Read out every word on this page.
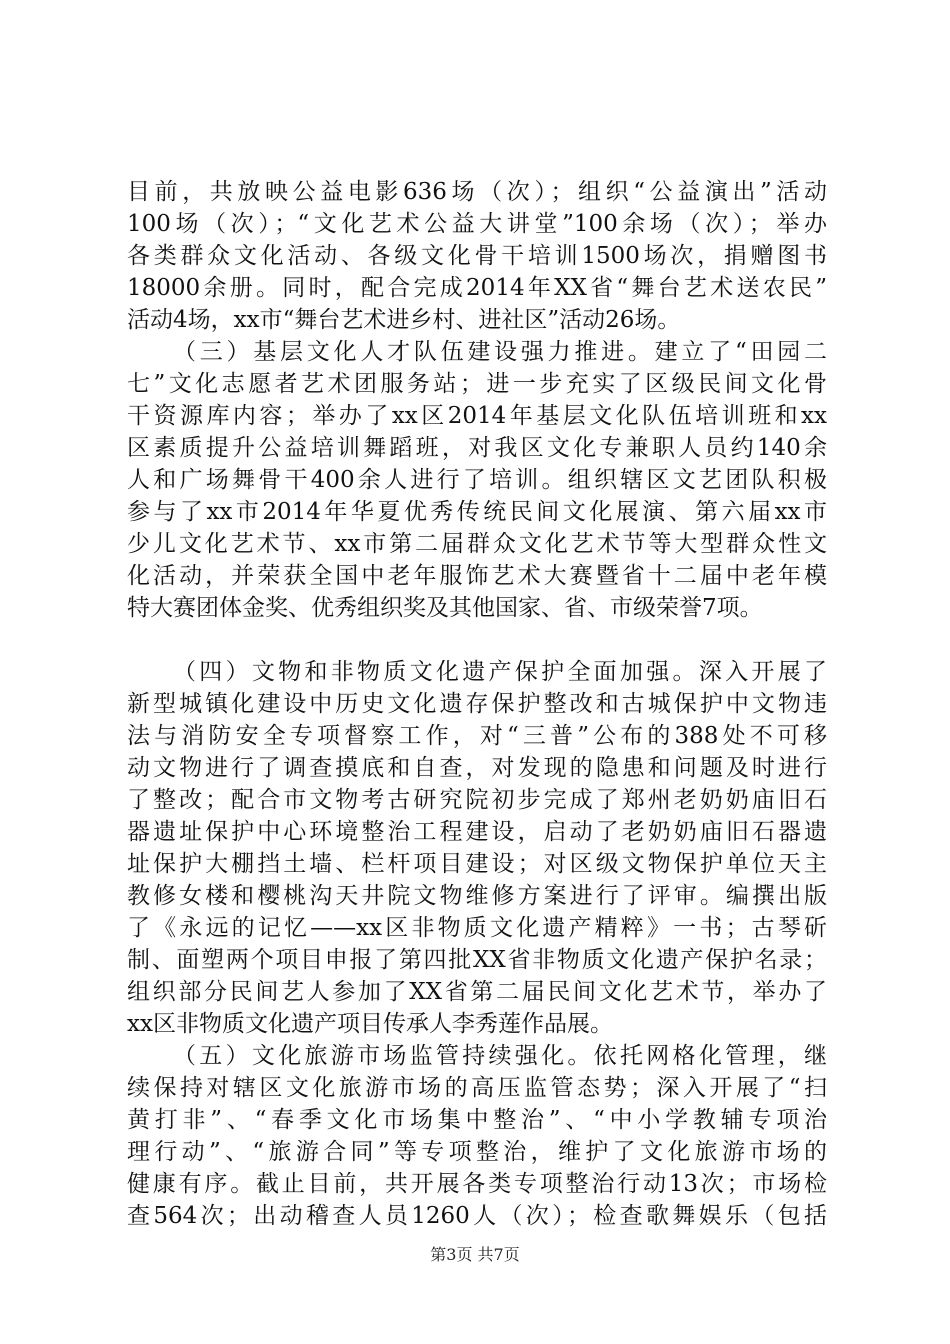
目前，共放映公益电影636场（次）；组织“公益演出”活动
100场（次）；“文化艺术公益大讲堂”100余场（次）；举办
各类群众文化活动、各级文化骨干培训1500场次，捐赠图书
18000余册。同时，配合完成2014年XX省“舞台艺术送农民”
活动4场，xx市“舞台艺术进乡村、进社区”活动26场。
（三）基层文化人才队伍建设强力推进。建立了“田园二
七”文化志愿者艺术团服务站；进一步充实了区级民间文化骨
干资源库内容；举办了xx区2014年基层文化队伍培训班和xx
区素质提升公益培训舞蹈班，对我区文化专兼职人员约140余
人和广场舞骨干400余人进行了培训。组织辖区文艺团队积极
参与了xx市2014年华夏优秀传统民间文化展演、第六届xx市
少儿文化艺术节、xx市第二届群众文化艺术节等大型群众性文
化活动，并荣获全国中老年服饰艺术大赛暨省十二届中老年模
特大赛团体金奖、优秀组织奖及其他国家、省、市级荣誉7项。
（四）文物和非物质文化遗产保护全面加强。深入开展了
新型城镇化建设中历史文化遗存保护整改和古城保护中文物违
法与消防安全专项督察工作，对“三普”公布的388处不可移
动文物进行了调查摸底和自查，对发现的隐患和问题及时进行
了整改；配合市文物考古研究院初步完成了郑州老奶奶庙旧石
器遗址保护中心环境整治工程建设，启动了老奶奶庙旧石器遗
址保护大棚挡土墙、栏杆项目建设；对区级文物保护单位天主
教修女楼和樱桃沟天井院文物维修方案进行了评审。编撰出版
了《永远的记忆——xx区非物质文化遗产精粹》一书；古琴斫
制、面塑两个项目申报了第四批XX省非物质文化遗产保护名录；
组织部分民间艺人参加了XX省第二届民间文化艺术节，举办了
xx区非物质文化遗产项目传承人李秀莲作品展。
（五）文化旅游市场监管持续强化。依托网格化管理，继
续保持对辖区文化旅游市场的高压监管态势；深入开展了“扫
黄打非”、“春季文化市场集中整治”、“中小学教辅专项治
理行动”、“旅游合同”等专项整治，维护了文化旅游市场的
健康有序。截止目前，共开展各类专项整治行动13次；市场检
查564次；出动稽查人员1260人（次）；检查歌舞娱乐（包括
第3页 共7页
